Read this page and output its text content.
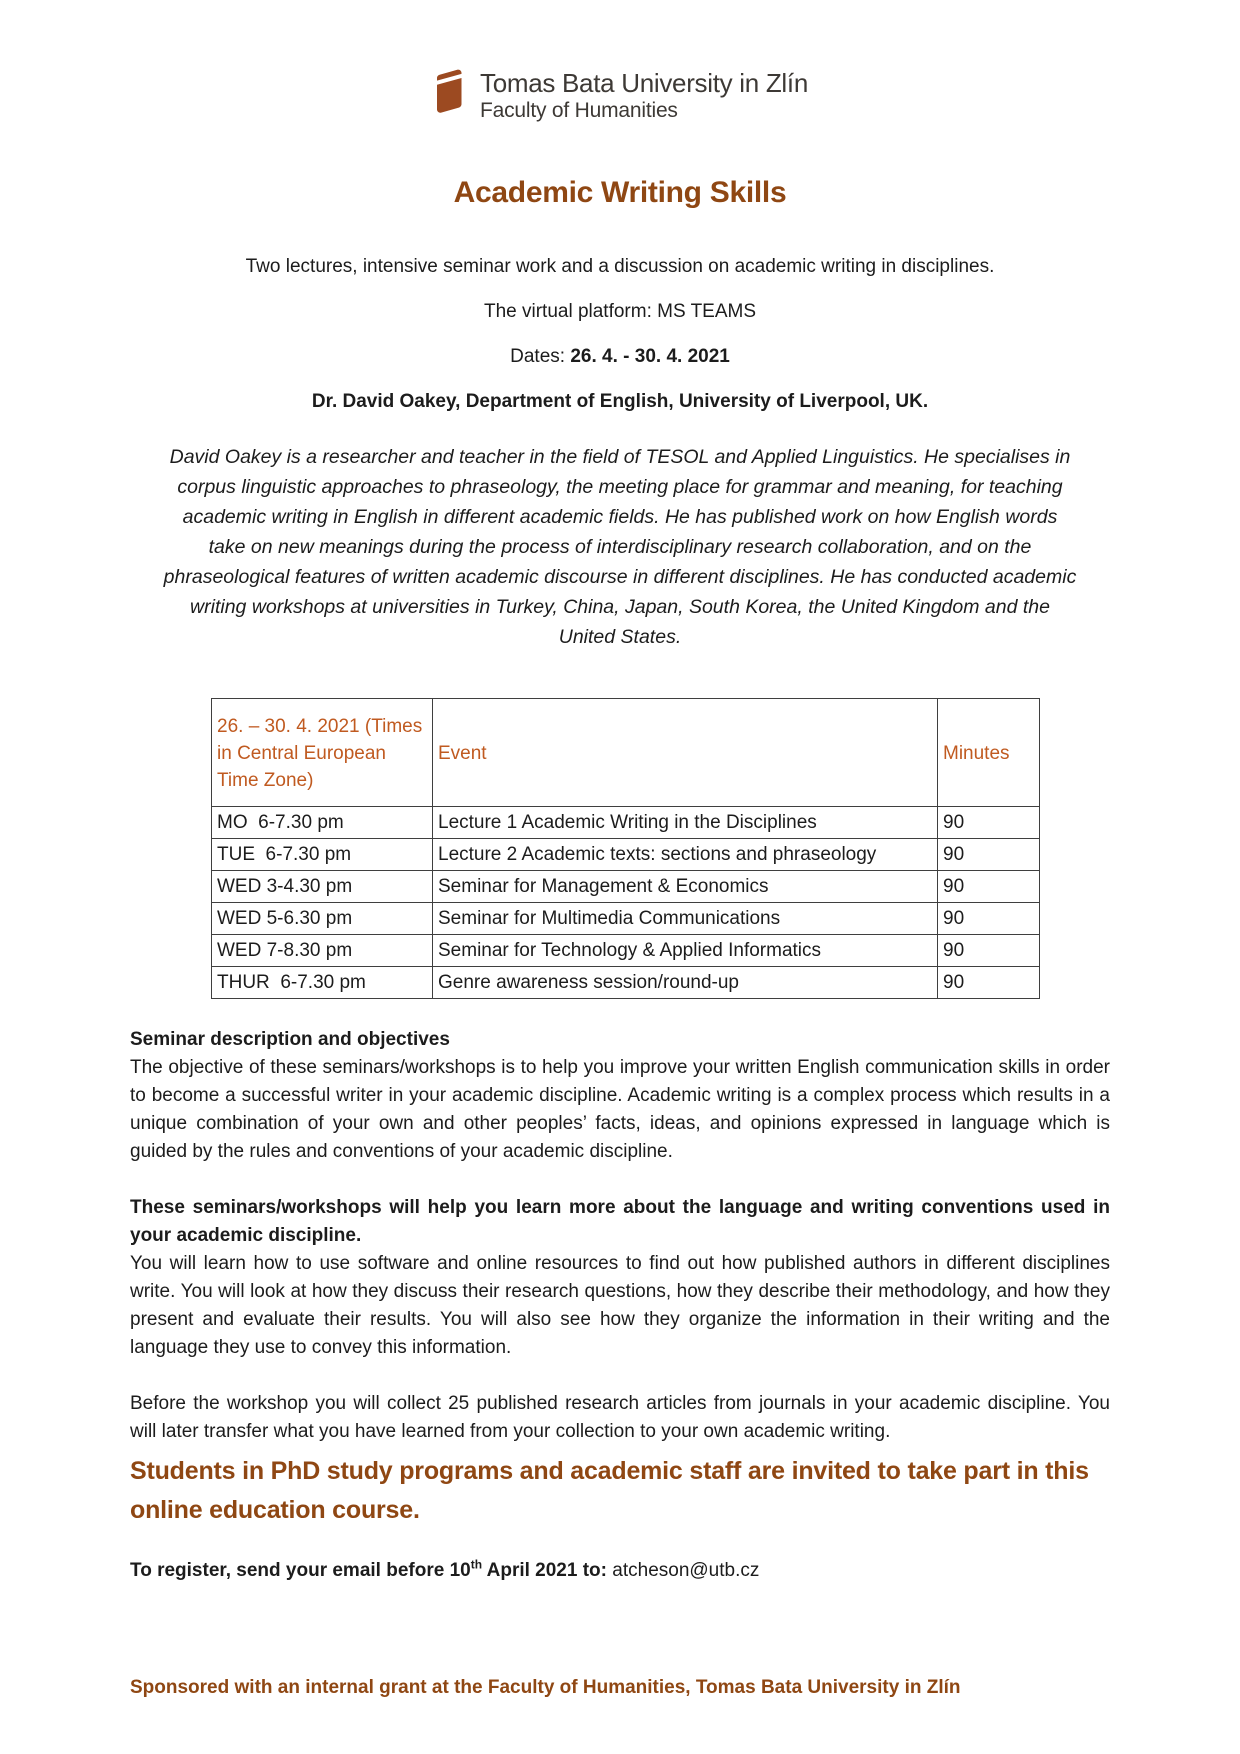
Tomas Bata University in Zlín
Faculty of Humanities
Academic Writing Skills

Two lectures, intensive seminar work and a discussion on academic writing in disciplines.

The virtual platform: MS TEAMS

Dates: 26. 4. - 30. 4. 2021

Dr. David Oakey, Department of English, University of Liverpool, UK.

David Oakey is a researcher and teacher in the field of TESOL and Applied Linguistics. He specialises in corpus linguistic approaches to phraseology, the meeting place for grammar and meaning, for teaching academic writing in English in different academic fields. He has published work on how English words take on new meanings during the process of interdisciplinary research collaboration, and on the phraseological features of written academic discourse in different disciplines. He has conducted academic writing workshops at universities in Turkey, China, Japan, South Korea, the United Kingdom and the United States.

26. – 30. 4. 2021 (Times in Central European Time Zone)	Event	Minutes
MO  6-7.30 pm	Lecture 1 Academic Writing in the Disciplines	90
TUE  6-7.30 pm	Lecture 2 Academic texts: sections and phraseology	90
WED 3-4.30 pm	Seminar for Management & Economics	90
WED 5-6.30 pm	Seminar for Multimedia Communications	90
WED 7-8.30 pm	Seminar for Technology & Applied Informatics	90
THUR  6-7.30 pm	Genre awareness session/round-up	90
Seminar description and objectives

The objective of these seminars/workshops is to help you improve your written English communication skills in order to become a successful writer in your academic discipline. Academic writing is a complex process which results in a unique combination of your own and other peoples’ facts, ideas, and opinions expressed in language which is guided by the rules and conventions of your academic discipline.

These seminars/workshops will help you learn more about the language and writing conventions used in your academic discipline.

You will learn how to use software and online resources to find out how published authors in different disciplines write. You will look at how they discuss their research questions, how they describe their methodology, and how they present and evaluate their results. You will also see how they organize the information in their writing and the language they use to convey this information.

Before the workshop you will collect 25 published research articles from journals in your academic discipline. You will later transfer what you have learned from your collection to your own academic writing.

Students in PhD study programs and academic staff are invited to take part in this online education course.

To register, send your email before 10th April 2021 to: atcheson@utb.cz

Sponsored with an internal grant at the Faculty of Humanities, Tomas Bata University in Zlín
